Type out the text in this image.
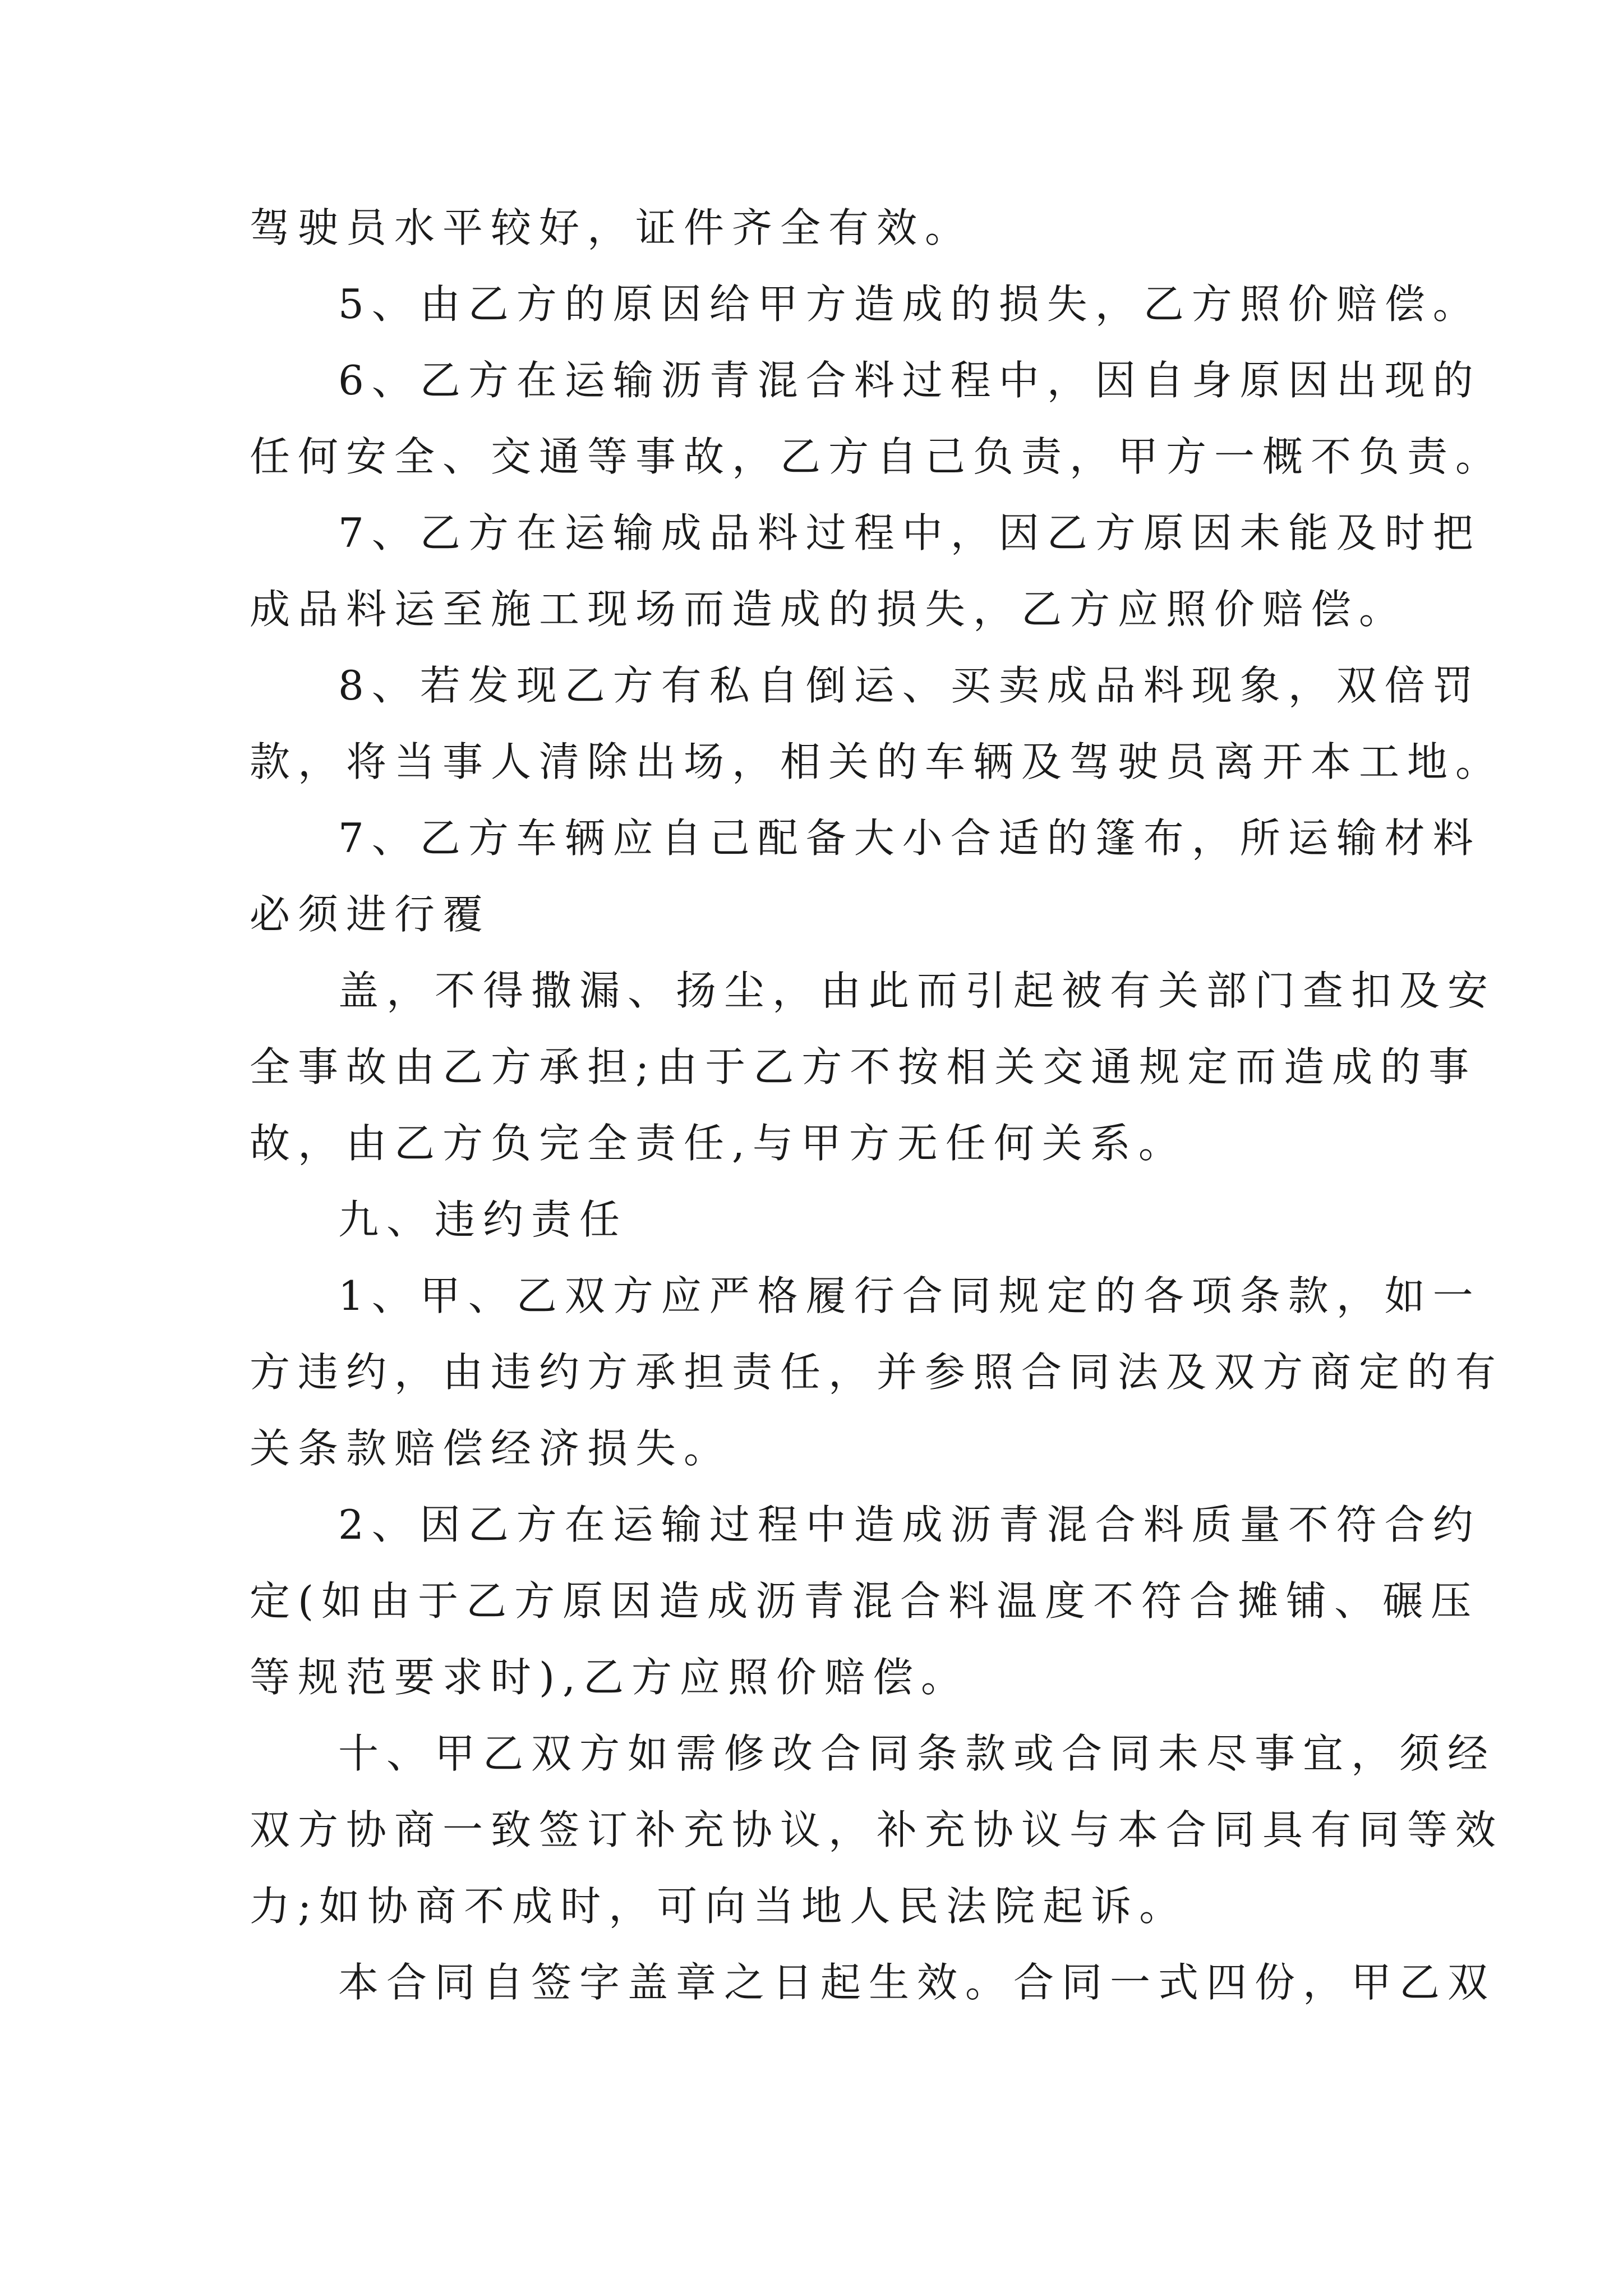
驾驶员水平较好，证件齐全有效。
5、由乙方的原因给甲方造成的损失，乙方照价赔偿。
6、乙方在运输沥青混合料过程中，因自身原因出现的
任何安全、交通等事故，乙方自己负责，甲方一概不负责。
7、乙方在运输成品料过程中，因乙方原因未能及时把
成品料运至施工现场而造成的损失，乙方应照价赔偿。
8、若发现乙方有私自倒运、买卖成品料现象，双倍罚
款，将当事人清除出场，相关的车辆及驾驶员离开本工地。
7、乙方车辆应自己配备大小合适的篷布，所运输材料
必须进行覆
盖，不得撒漏、扬尘，由此而引起被有关部门查扣及安
全事故由乙方承担;由于乙方不按相关交通规定而造成的事
故，由乙方负完全责任,与甲方无任何关系。
九、违约责任
1、甲、乙双方应严格履行合同规定的各项条款，如一
方违约，由违约方承担责任，并参照合同法及双方商定的有
关条款赔偿经济损失。
2、因乙方在运输过程中造成沥青混合料质量不符合约
定(如由于乙方原因造成沥青混合料温度不符合摊铺、碾压
等规范要求时),乙方应照价赔偿。
十、甲乙双方如需修改合同条款或合同未尽事宜，须经
双方协商一致签订补充协议，补充协议与本合同具有同等效
力;如协商不成时，可向当地人民法院起诉。
本合同自签字盖章之日起生效。合同一式四份，甲乙双
